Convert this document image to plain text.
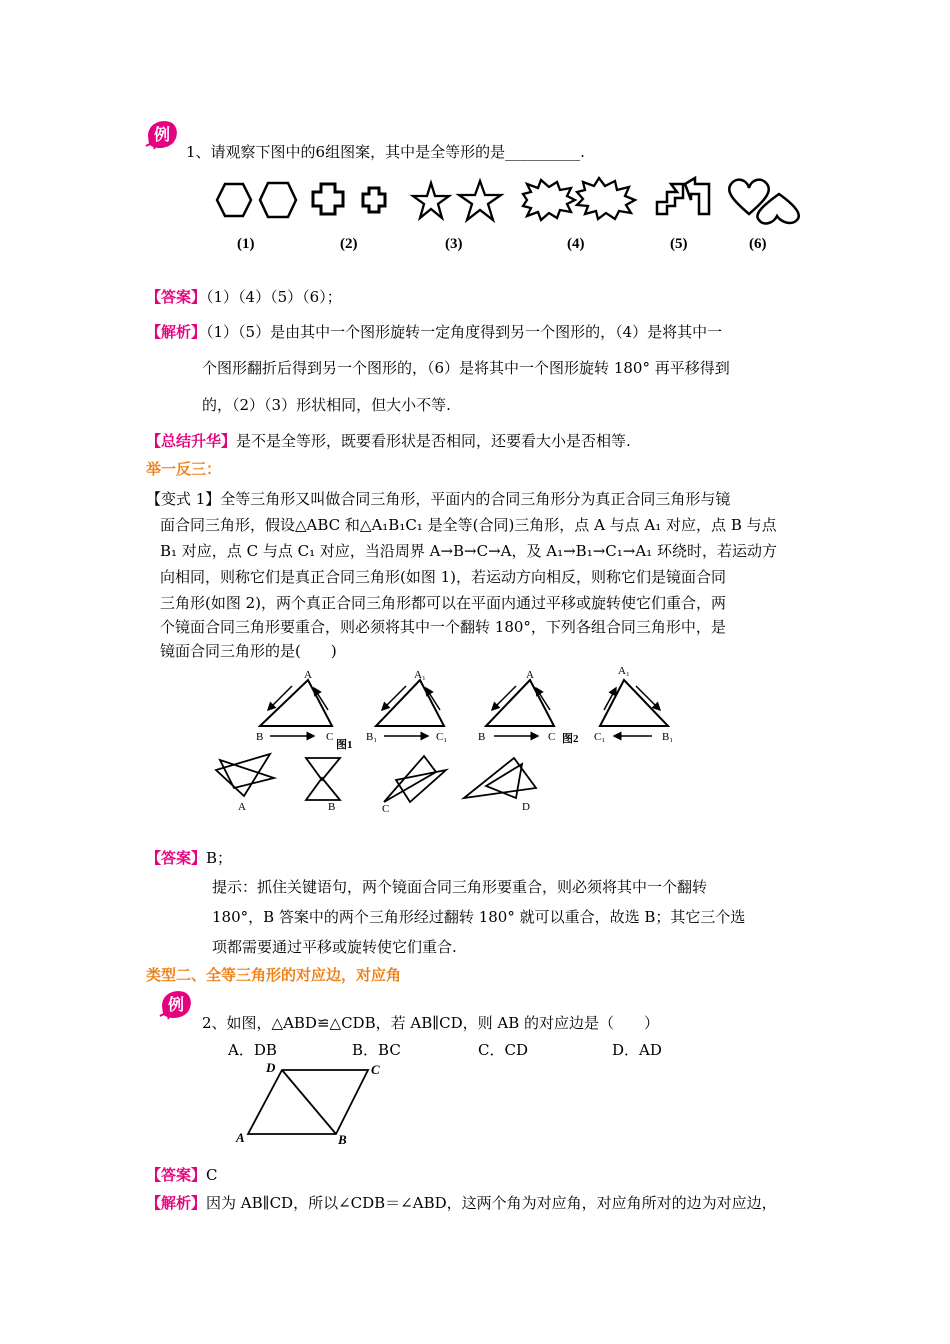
例
1、请观察下图中的6组图案，其中是全等形的是__________.
(1)	(2)	(3)	(4)	(5)	(6)
【答案】（1）（4）（5）（6）；
【解析】（1）（5）是由其中一个图形旋转一定角度得到另一个图形的，（4）是将其中一
个图形翻折后得到另一个图形的，（6）是将其中一个图形旋转 180° 再平移得到
的，（2）（3）形状相同，但大小不等.
【总结升华】是不是全等形，既要看形状是否相同，还要看大小是否相等.
举一反三：
【变式 1】全等三角形又叫做合同三角形，平面内的合同三角形分为真正合同三角形与镜
面合同三角形，假设△ABC 和△A₁B₁C₁ 是全等(合同)三角形，点 A 与点 A₁ 对应，点 B 与点
B₁ 对应，点 C 与点 C₁ 对应，当沿周界 A→B→C→A，及 A₁→B₁→C₁→A₁ 环绕时，若运动方
向相同，则称它们是真正合同三角形(如图 1)，若运动方向相反，则称它们是镜面合同
三角形(如图 2)，两个真正合同三角形都可以在平面内通过平移或旋转使它们重合，两
个镜面合同三角形要重合，则必须将其中一个翻转 180°，下列各组合同三角形中，是
镜面合同三角形的是(　　)
A
B	C
图1
A₁
B₁	C₁
A
B	C 图2
A₁
C₁	B₁
A	B	C	D
【答案】B；
提示：抓住关键语句，两个镜面合同三角形要重合，则必须将其中一个翻转
180°，B 答案中的两个三角形经过翻转 180° 就可以重合，故选 B；其它三个选
项都需要通过平移或旋转使它们重合.
类型二、全等三角形的对应边，对应角
例
2、如图，△ABD≌△CDB，若 AB∥CD，则 AB 的对应边是（　　）
A．DB	B．BC	C．CD	D．AD
D	C
A	B
【答案】C
【解析】因为 AB∥CD，所以∠CDB＝∠ABD，这两个角为对应角，对应角所对的边为对应边，
